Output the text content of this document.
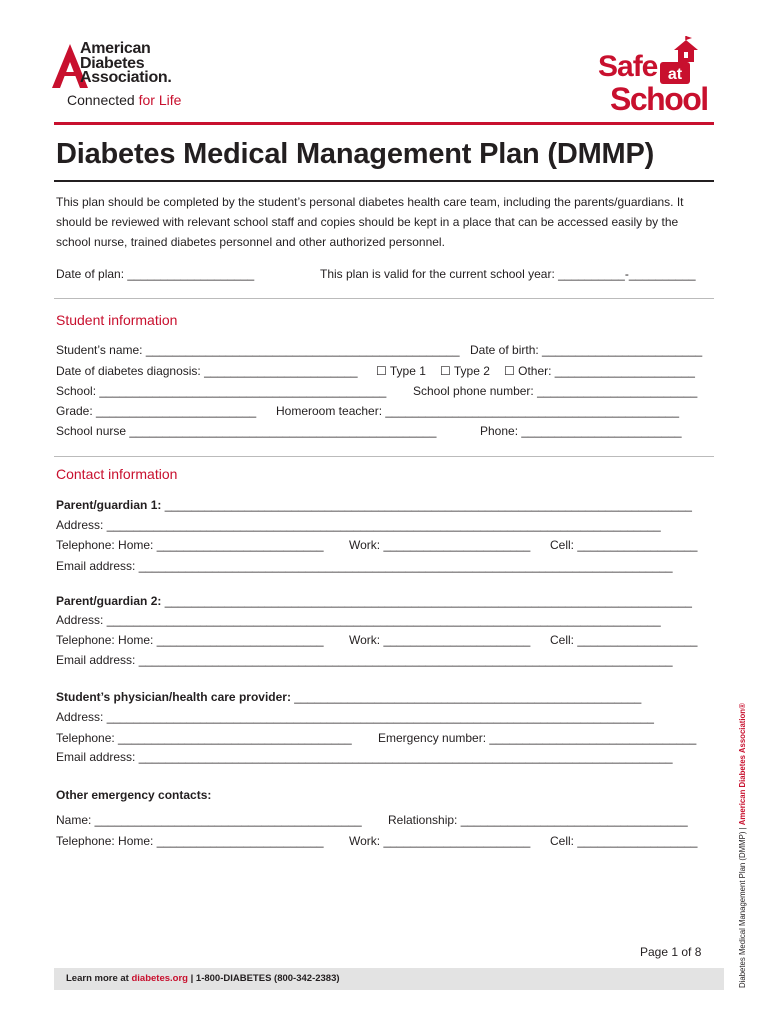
American
Diabetes
Association.
Connected for Life
Safe at
School
Diabetes Medical Management Plan (DMMP)
This plan should be completed by the student’s personal diabetes health care team, including the parents/guardians. It should be reviewed with relevant school staff and copies should be kept in a place that can be accessed easily by the school nurse, trained diabetes personnel and other authorized personnel.
Date of plan: ___________________	This plan is valid for the current school year: __________-__________
Student information
Student’s name: _______________________________________________ Date of birth: ________________________
Date of diabetes diagnosis: _______________________ ☐ Type 1 ☐ Type 2 ☐ Other: _____________________
School: ___________________________________________ School phone number: ________________________
Grade: ________________________ Homeroom teacher: ____________________________________________
School nurse ______________________________________________	Phone: ________________________
Contact information
Parent/guardian 1: _______________________________________________________________________________
Address: ___________________________________________________________________________________
Telephone: Home: _________________________ Work: ______________________ Cell: __________________
Email address: ________________________________________________________________________________
Parent/guardian 2: _______________________________________________________________________________
Address: ___________________________________________________________________________________
Telephone: Home: _________________________ Work: ______________________ Cell: __________________
Email address: ________________________________________________________________________________
Student’s physician/health care provider: ____________________________________________________
Address: __________________________________________________________________________________
Telephone: ___________________________________ Emergency number: _______________________________
Email address: ________________________________________________________________________________
Other emergency contacts:
Name: ________________________________________ Relationship: __________________________________
Telephone: Home: _________________________ Work: ______________________ Cell: __________________
Page 1 of 8
Learn more at diabetes.org | 1-800-DIABETES (800-342-2383)	Diabetes Medical Management Plan (DMMP) | American Diabetes Association®
